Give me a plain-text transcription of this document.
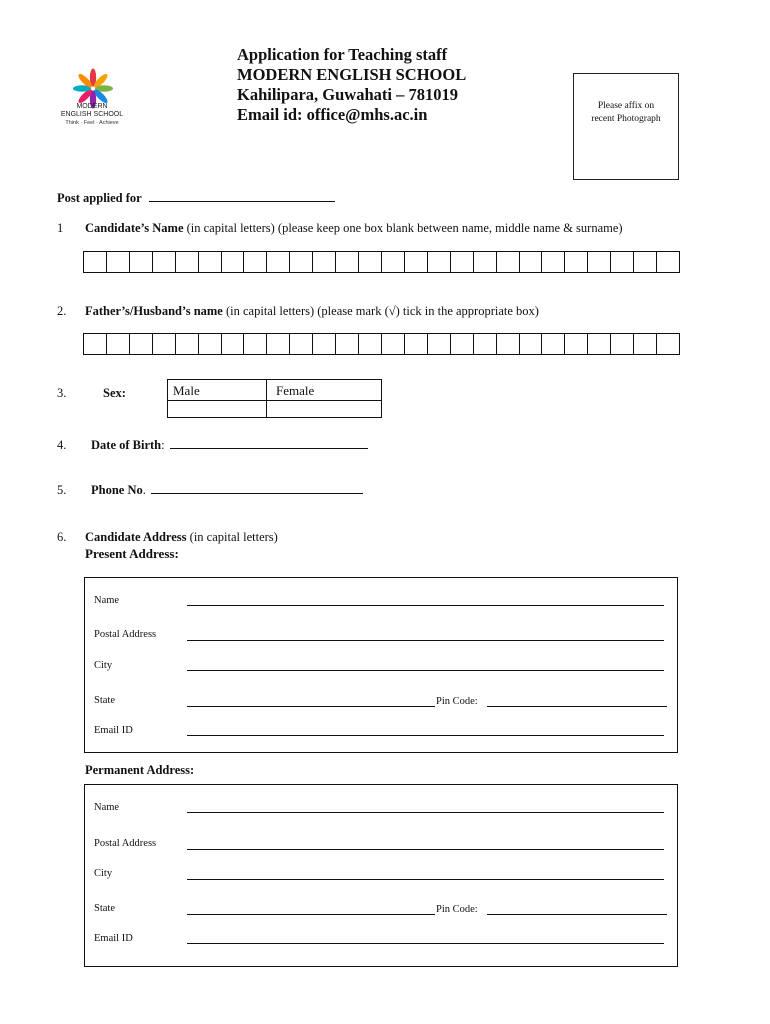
MODERN
ENGLISH SCHOOL
Think · Feel · Achieve
Application for Teaching staff
MODERN ENGLISH SCHOOL
Kahilipara, Guwahati – 781019
Email id: office@mhs.ac.in	Please affix on
recent Photograph
Post applied for
1 Candidate’s Name (in capital letters) (please keep one box blank between name, middle name & surname)
2. Father’s/Husband’s name (in capital letters) (please mark (√) tick in the appropriate box)
3.	Sex:	Male	Female
4. Date of Birth:
5. Phone No.
6. Candidate Address (in capital letters)
Present Address:
Name
Postal Address
City
State	Pin Code:
Email ID
Permanent Address:
Name
Postal Address
City
State	Pin Code:
Email ID
